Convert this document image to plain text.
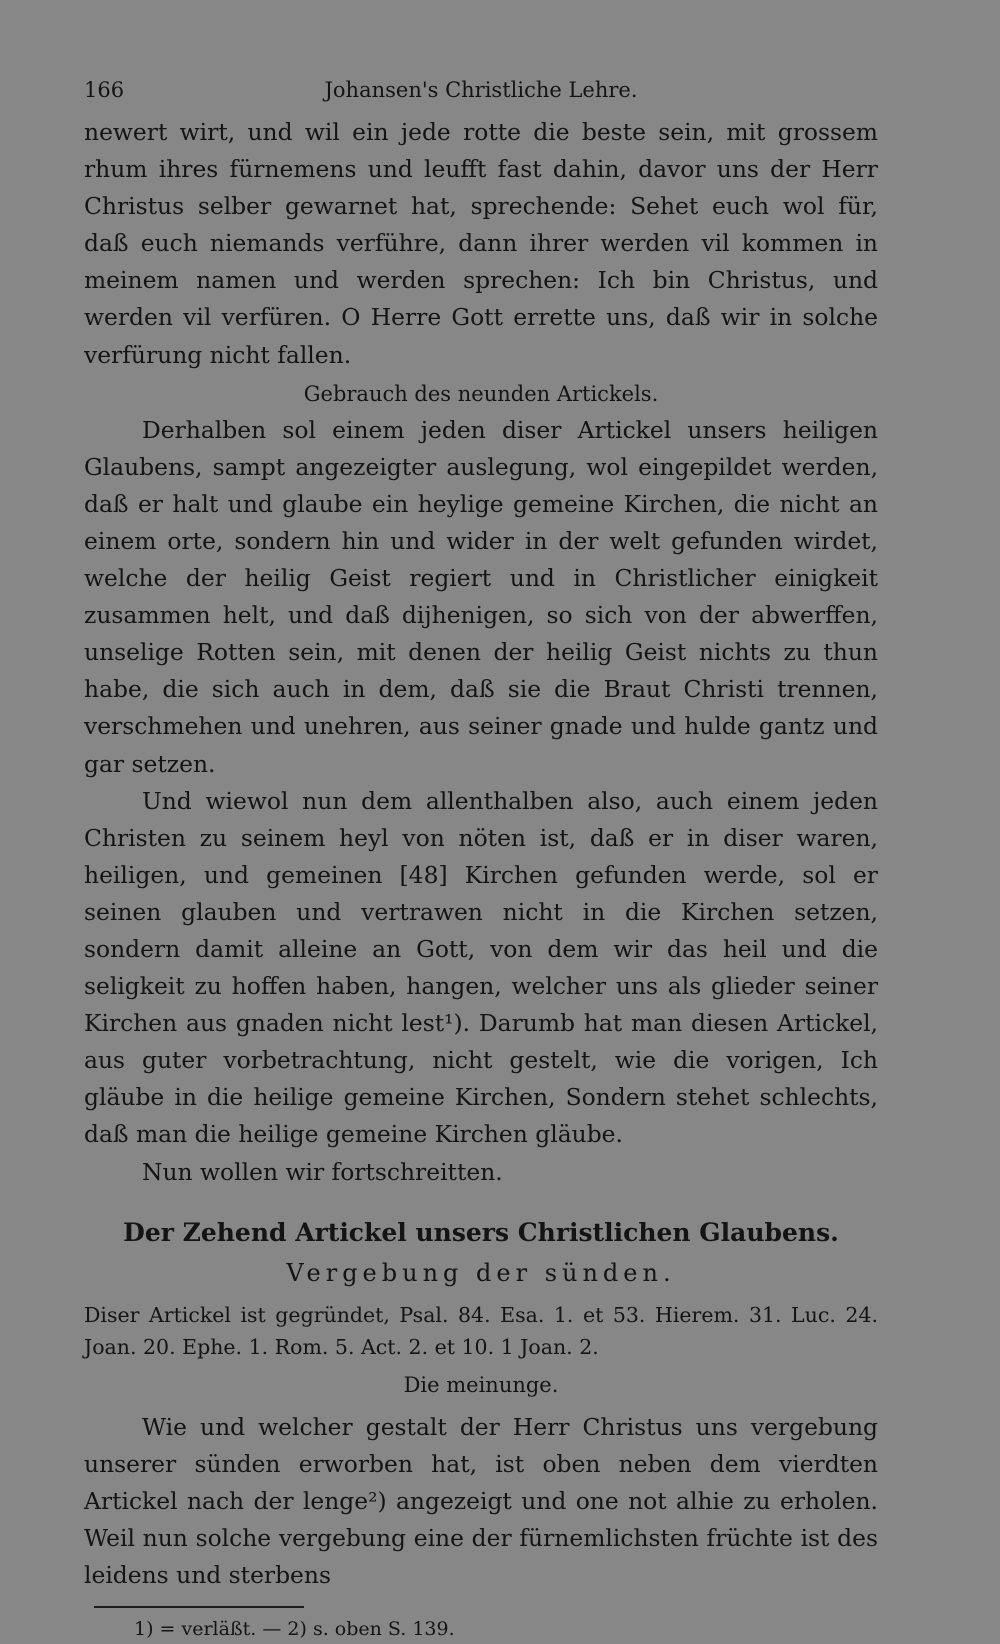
166	Johansen's Christliche Lehre.

newert wirt, und wil ein jede rotte die beste sein, mit grossem rhum ihres fürnemens und leufft fast dahin, davor uns der Herr Christus selber gewarnet hat, sprechende: Sehet euch wol für, daß euch niemands verführe, dann ihrer werden vil kommen in meinem namen und werden sprechen: Ich bin Christus, und werden vil verfüren. O Herre Gott errette uns, daß wir in solche verfürung nicht fallen.

Gebrauch des neunden Artickels.

Derhalben sol einem jeden diser Artickel unsers heiligen Glaubens, sampt angezeigter auslegung, wol eingepildet werden, daß er halt und glaube ein heylige gemeine Kirchen, die nicht an einem orte, sondern hin und wider in der welt gefunden wirdet, welche der heilig Geist regiert und in Christlicher einigkeit zusammen helt, und daß dijhenigen, so sich von der abwerffen, unselige Rotten sein, mit denen der heilig Geist nichts zu thun habe, die sich auch in dem, daß sie die Braut Christi trennen, verschmehen und unehren, aus seiner gnade und hulde gantz und gar setzen.

Und wiewol nun dem allenthalben also, auch einem jeden Christen zu seinem heyl von nöten ist, daß er in diser waren, heiligen, und gemeinen [48] Kirchen gefunden werde, sol er seinen glauben und vertrawen nicht in die Kirchen setzen, sondern damit alleine an Gott, von dem wir das heil und die seligkeit zu hoffen haben, hangen, welcher uns als glieder seiner Kirchen aus gnaden nicht lest¹). Darumb hat man diesen Artickel, aus guter vorbetrachtung, nicht gestelt, wie die vorigen, Ich gläube in die heilige gemeine Kirchen, Sondern stehet schlechts, daß man die heilige gemeine Kirchen gläube.

Nun wollen wir fortschreitten.

Der Zehend Artickel unsers Christlichen Glaubens.

Vergebung der sünden.

Diser Artickel ist gegründet, Psal. 84. Esa. 1. et 53. Hierem. 31. Luc. 24. Joan. 20. Ephe. 1. Rom. 5. Act. 2. et 10. 1 Joan. 2.

Die meinunge.

Wie und welcher gestalt der Herr Christus uns vergebung unserer sünden erworben hat, ist oben neben dem vierdten Artickel nach der lenge²) angezeigt und one not alhie zu erholen. Weil nun solche vergebung eine der fürnemlichsten früchte ist des leidens und sterbens

1) = verläßt. — 2) s. oben S. 139.
